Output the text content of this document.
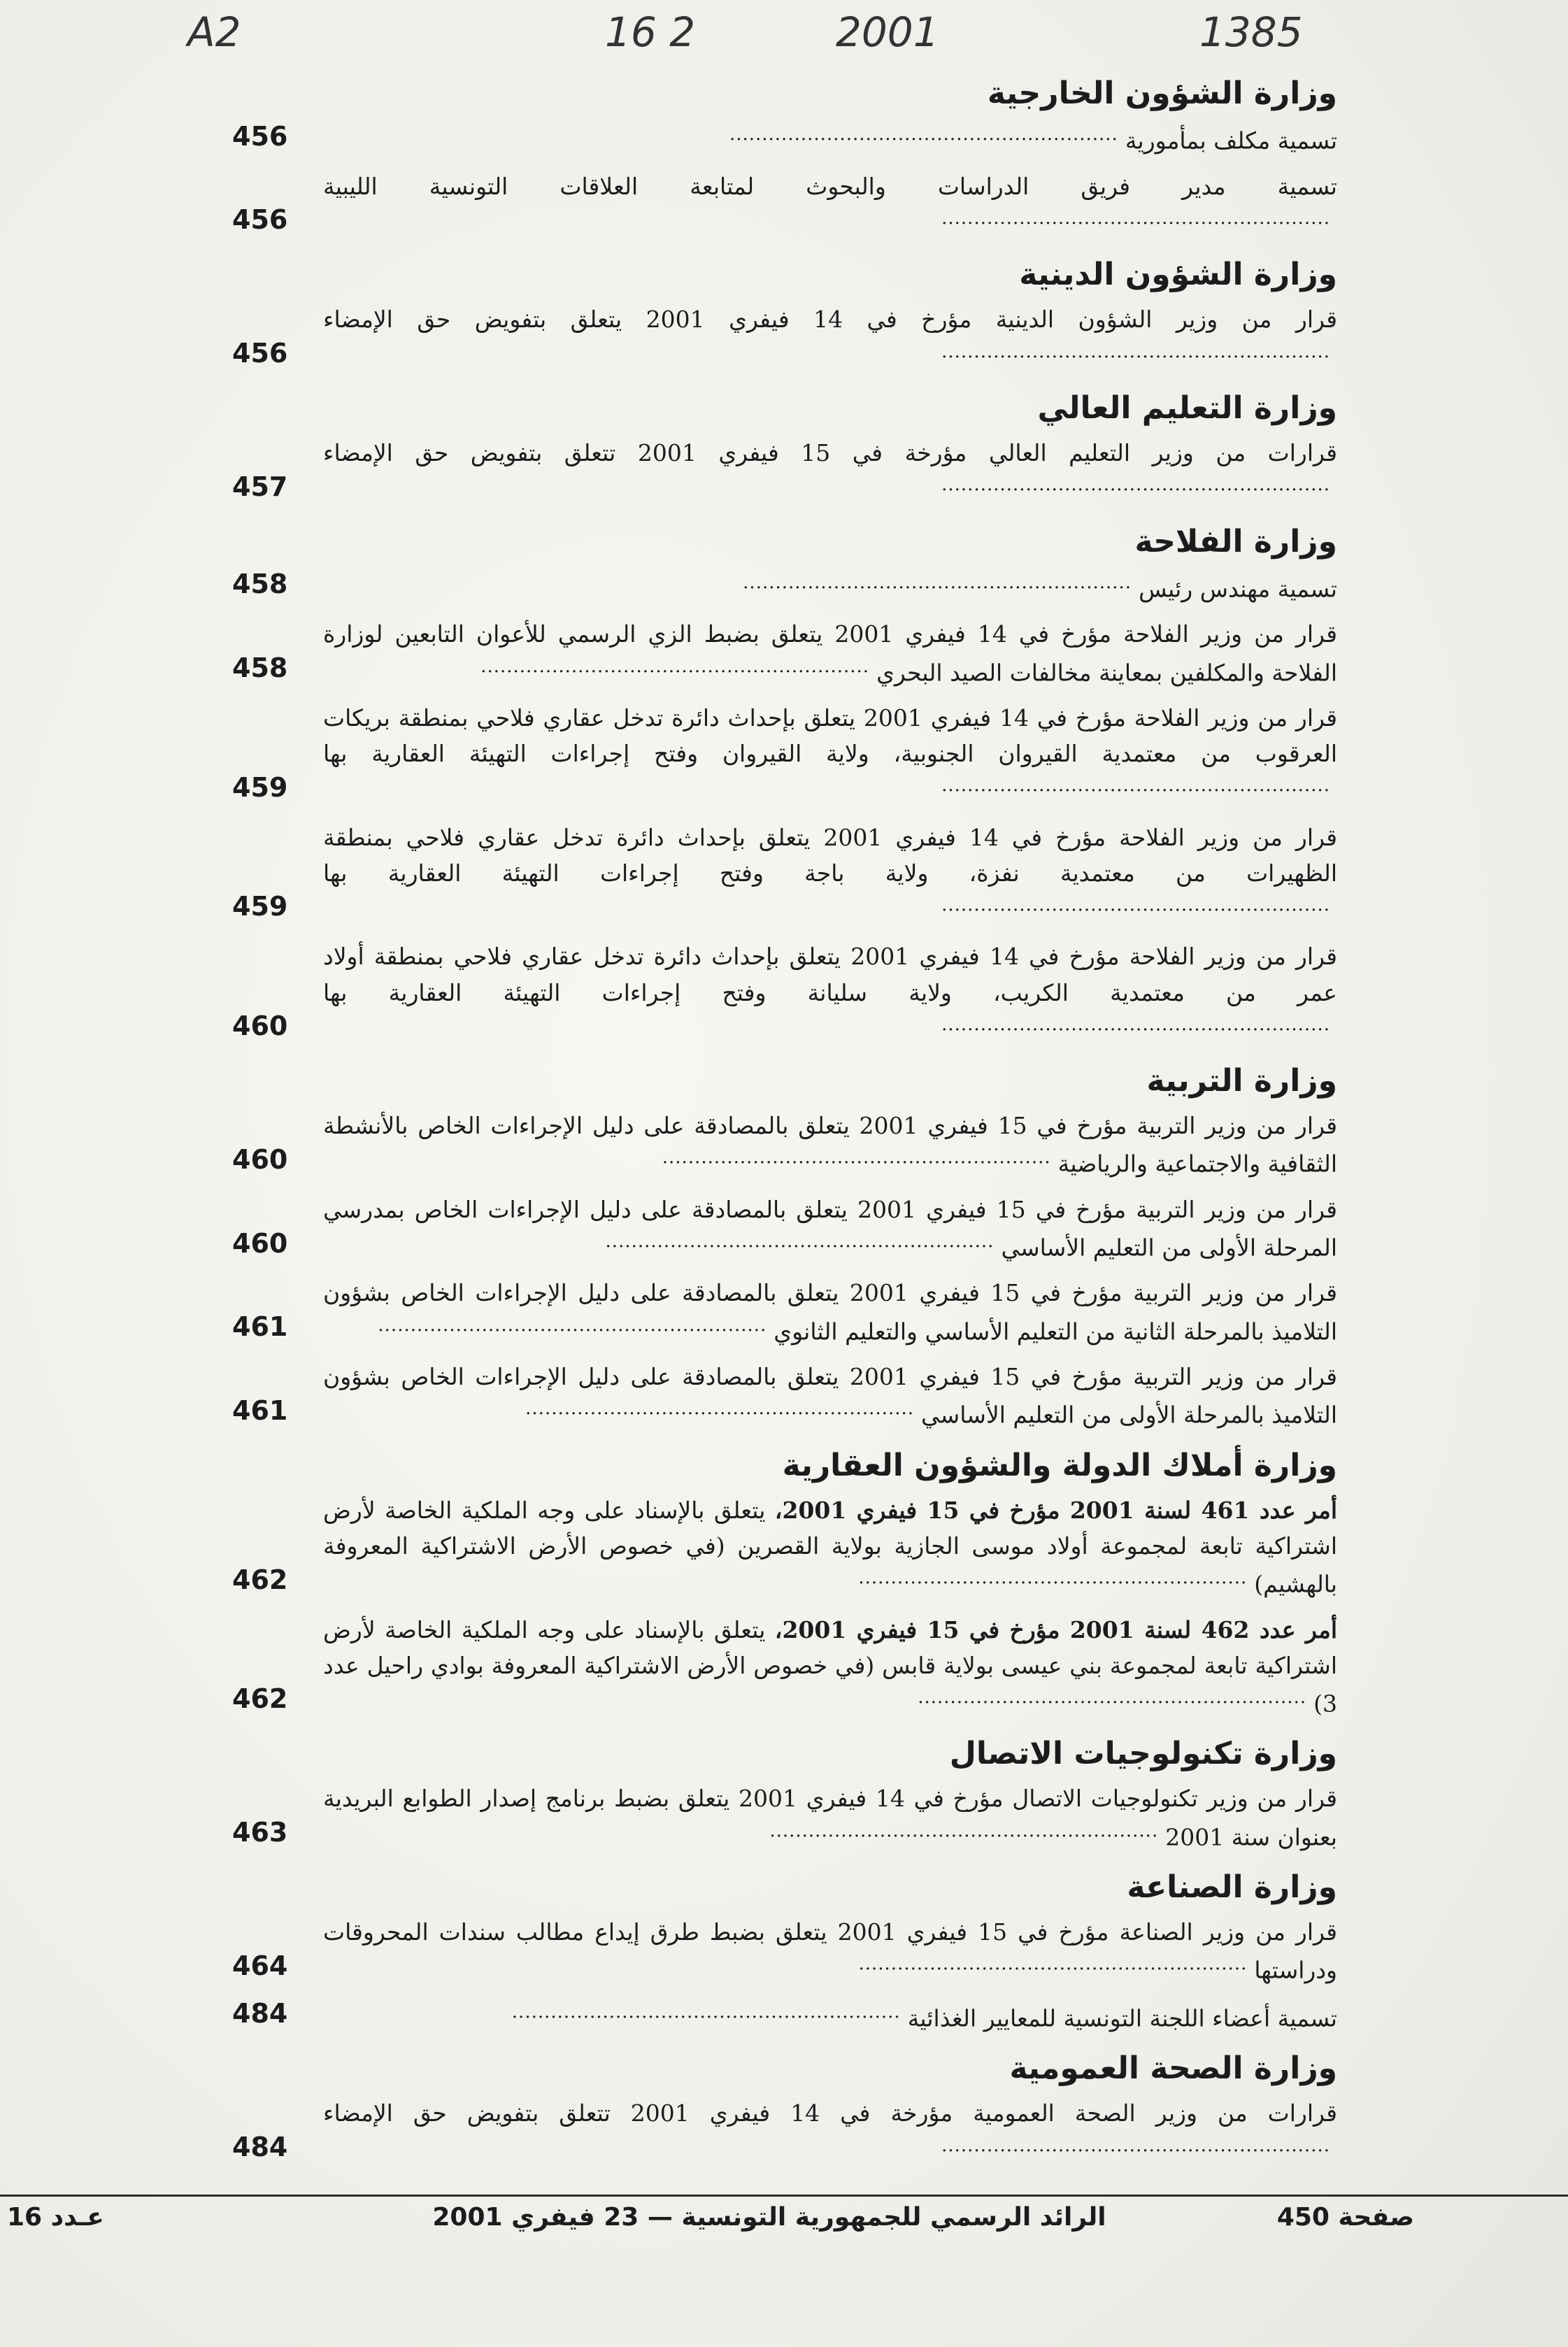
A2	16 2	2001	1385
وزارة الشؤون الخارجية
تسمية مكلف بمأمورية............................................................
456
تسمية مدير فريق الدراسات والبحوث لمتابعة العلاقات التونسية الليبية............................................................
456
وزارة الشؤون الدينية
قرار من وزير الشؤون الدينية مؤرخ في 14 فيفري 2001 يتعلق بتفويض حق الإمضاء............................................................
456
وزارة التعليم العالي
قرارات من وزير التعليم العالي مؤرخة في 15 فيفري 2001 تتعلق بتفويض حق الإمضاء............................................................
457
وزارة الفلاحة
تسمية مهندس رئيس............................................................
458
قرار من وزير الفلاحة مؤرخ في 14 فيفري 2001 يتعلق بضبط الزي الرسمي للأعوان التابعين لوزارة الفلاحة والمكلفين بمعاينة مخالفات الصيد البحري............................................................
458
قرار من وزير الفلاحة مؤرخ في 14 فيفري 2001 يتعلق بإحداث دائرة تدخل عقاري فلاحي بمنطقة بريكات العرقوب من معتمدية القيروان الجنوبية، ولاية القيروان وفتح إجراءات التهيئة العقارية بها............................................................
459
قرار من وزير الفلاحة مؤرخ في 14 فيفري 2001 يتعلق بإحداث دائرة تدخل عقاري فلاحي بمنطقة الظهيرات من معتمدية نفزة، ولاية باجة وفتح إجراءات التهيئة العقارية بها............................................................
459
قرار من وزير الفلاحة مؤرخ في 14 فيفري 2001 يتعلق بإحداث دائرة تدخل عقاري فلاحي بمنطقة أولاد عمر من معتمدية الكريب، ولاية سليانة وفتح إجراءات التهيئة العقارية بها............................................................
460
وزارة التربية
قرار من وزير التربية مؤرخ في 15 فيفري 2001 يتعلق بالمصادقة على دليل الإجراءات الخاص بالأنشطة الثقافية والاجتماعية والرياضية............................................................
460
قرار من وزير التربية مؤرخ في 15 فيفري 2001 يتعلق بالمصادقة على دليل الإجراءات الخاص بمدرسي المرحلة الأولى من التعليم الأساسي............................................................
460
قرار من وزير التربية مؤرخ في 15 فيفري 2001 يتعلق بالمصادقة على دليل الإجراءات الخاص بشؤون التلاميذ بالمرحلة الثانية من التعليم الأساسي والتعليم الثانوي............................................................
461
قرار من وزير التربية مؤرخ في 15 فيفري 2001 يتعلق بالمصادقة على دليل الإجراءات الخاص بشؤون التلاميذ بالمرحلة الأولى من التعليم الأساسي............................................................
461
وزارة أملاك الدولة والشؤون العقارية
أمر عدد 461 لسنة 2001 مؤرخ في 15 فيفري 2001، يتعلق بالإسناد على وجه الملكية الخاصة لأرض اشتراكية تابعة لمجموعة أولاد موسى الجازية بولاية القصرين (في خصوص الأرض الاشتراكية المعروفة بالهشيم)............................................................
462
أمر عدد 462 لسنة 2001 مؤرخ في 15 فيفري 2001، يتعلق بالإسناد على وجه الملكية الخاصة لأرض اشتراكية تابعة لمجموعة بني عيسى بولاية قابس (في خصوص الأرض الاشتراكية المعروفة بوادي راحيل عدد 3)............................................................
462
وزارة تكنولوجيات الاتصال
قرار من وزير تكنولوجيات الاتصال مؤرخ في 14 فيفري 2001 يتعلق بضبط برنامج إصدار الطوابع البريدية بعنوان سنة 2001............................................................
463
وزارة الصناعة
قرار من وزير الصناعة مؤرخ في 15 فيفري 2001 يتعلق بضبط طرق إيداع مطالب سندات المحروقات ودراستها............................................................
464
تسمية أعضاء اللجنة التونسية للمعايير الغذائية............................................................
484
وزارة الصحة العمومية
قرارات من وزير الصحة العمومية مؤرخة في 14 فيفري 2001 تتعلق بتفويض حق الإمضاء............................................................
484
صفحة 450
الرائد الرسمي للجمهورية التونسية — 23 فيفري 2001
عـدد 16
